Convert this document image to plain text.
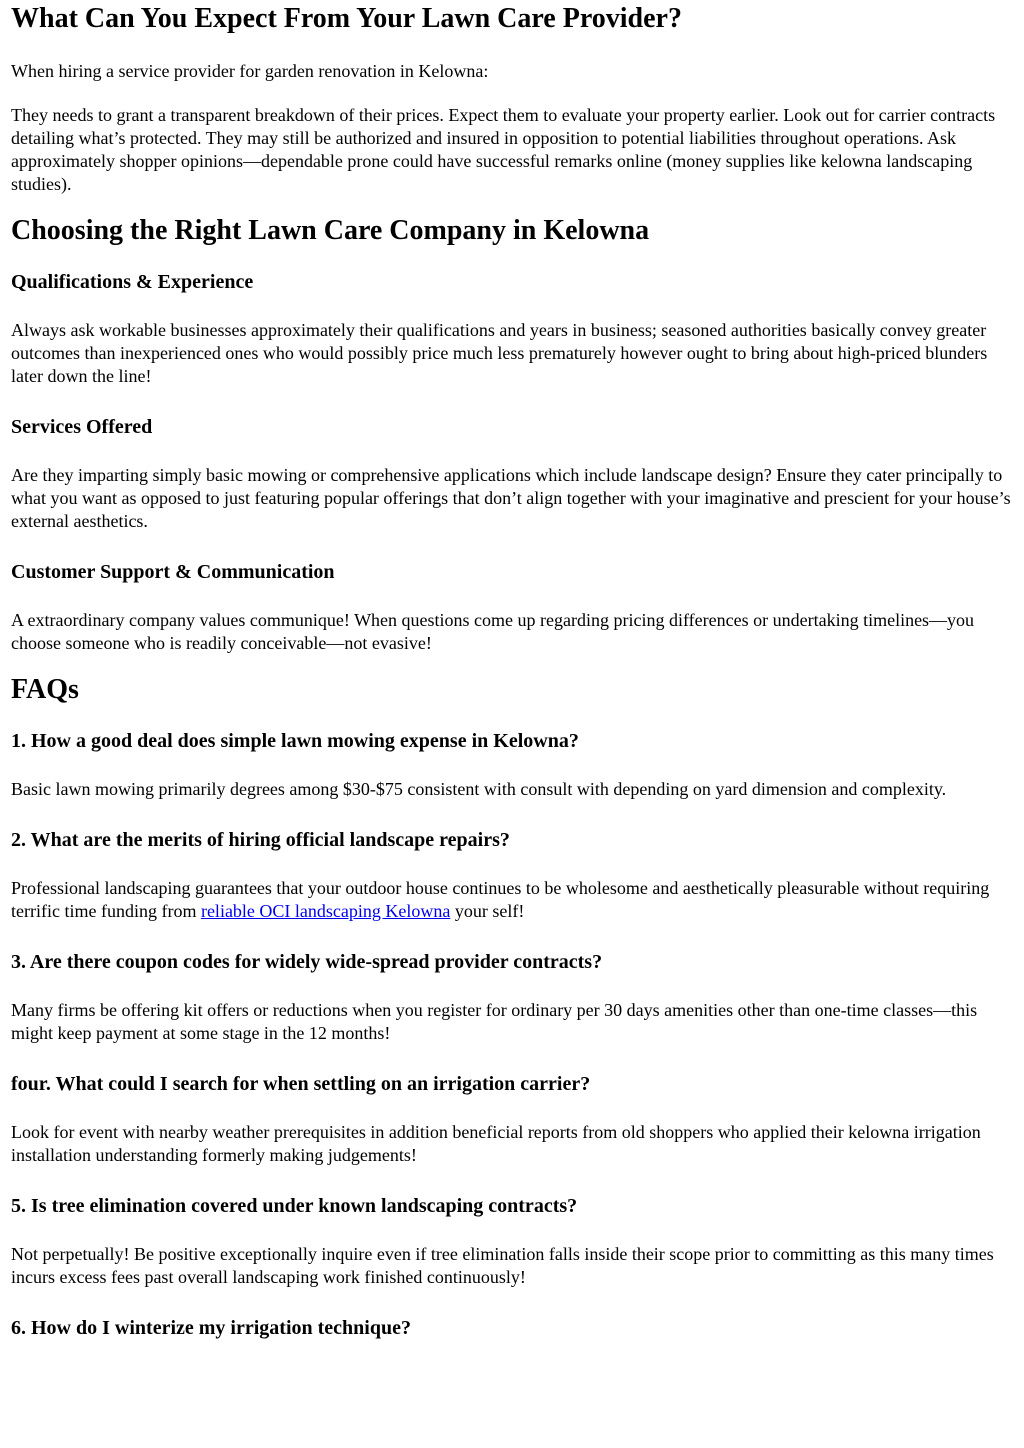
What Can You Expect From Your Lawn Care Provider?

When hiring a service provider for garden renovation in Kelowna:

They needs to grant a transparent breakdown of their prices. Expect them to evaluate your property earlier. Look out for carrier contracts detailing what’s protected. They may still be authorized and insured in opposition to potential liabilities throughout operations. Ask approximately shopper opinions—dependable prone could have successful remarks online (money supplies like kelowna landscaping studies).

Choosing the Right Lawn Care Company in Kelowna
Qualifications & Experience

Always ask workable businesses approximately their qualifications and years in business; seasoned authorities basically convey greater outcomes than inexperienced ones who would possibly price much less prematurely however ought to bring about high-priced blunders later down the line!

Services Offered

Are they imparting simply basic mowing or comprehensive applications which include landscape design? Ensure they cater principally to what you want as opposed to just featuring popular offerings that don’t align together with your imaginative and prescient for your house’s external aesthetics.

Customer Support & Communication

A extraordinary company values communique! When questions come up regarding pricing differences or undertaking timelines—you choose someone who is readily conceivable—not evasive!

FAQs
1. How a good deal does simple lawn mowing expense in Kelowna?

Basic lawn mowing primarily degrees among $30-$75 consistent with consult with depending on yard dimension and complexity.

2. What are the merits of hiring official landscape repairs?

Professional landscaping guarantees that your outdoor house continues to be wholesome and aesthetically pleasurable without requiring terrific time funding from reliable OCI landscaping Kelowna your self!

3. Are there coupon codes for widely wide-spread provider contracts?

Many firms be offering kit offers or reductions when you register for ordinary per 30 days amenities other than one-time classes—this might keep payment at some stage in the 12 months!

four. What could I search for when settling on an irrigation carrier?

Look for event with nearby weather prerequisites in addition beneficial reports from old shoppers who applied their kelowna irrigation installation understanding formerly making judgements!

5. Is tree elimination covered under known landscaping contracts?

Not perpetually! Be positive exceptionally inquire even if tree elimination falls inside their scope prior to committing as this many times incurs excess fees past overall landscaping work finished continuously!

6. How do I winterize my irrigation technique?
